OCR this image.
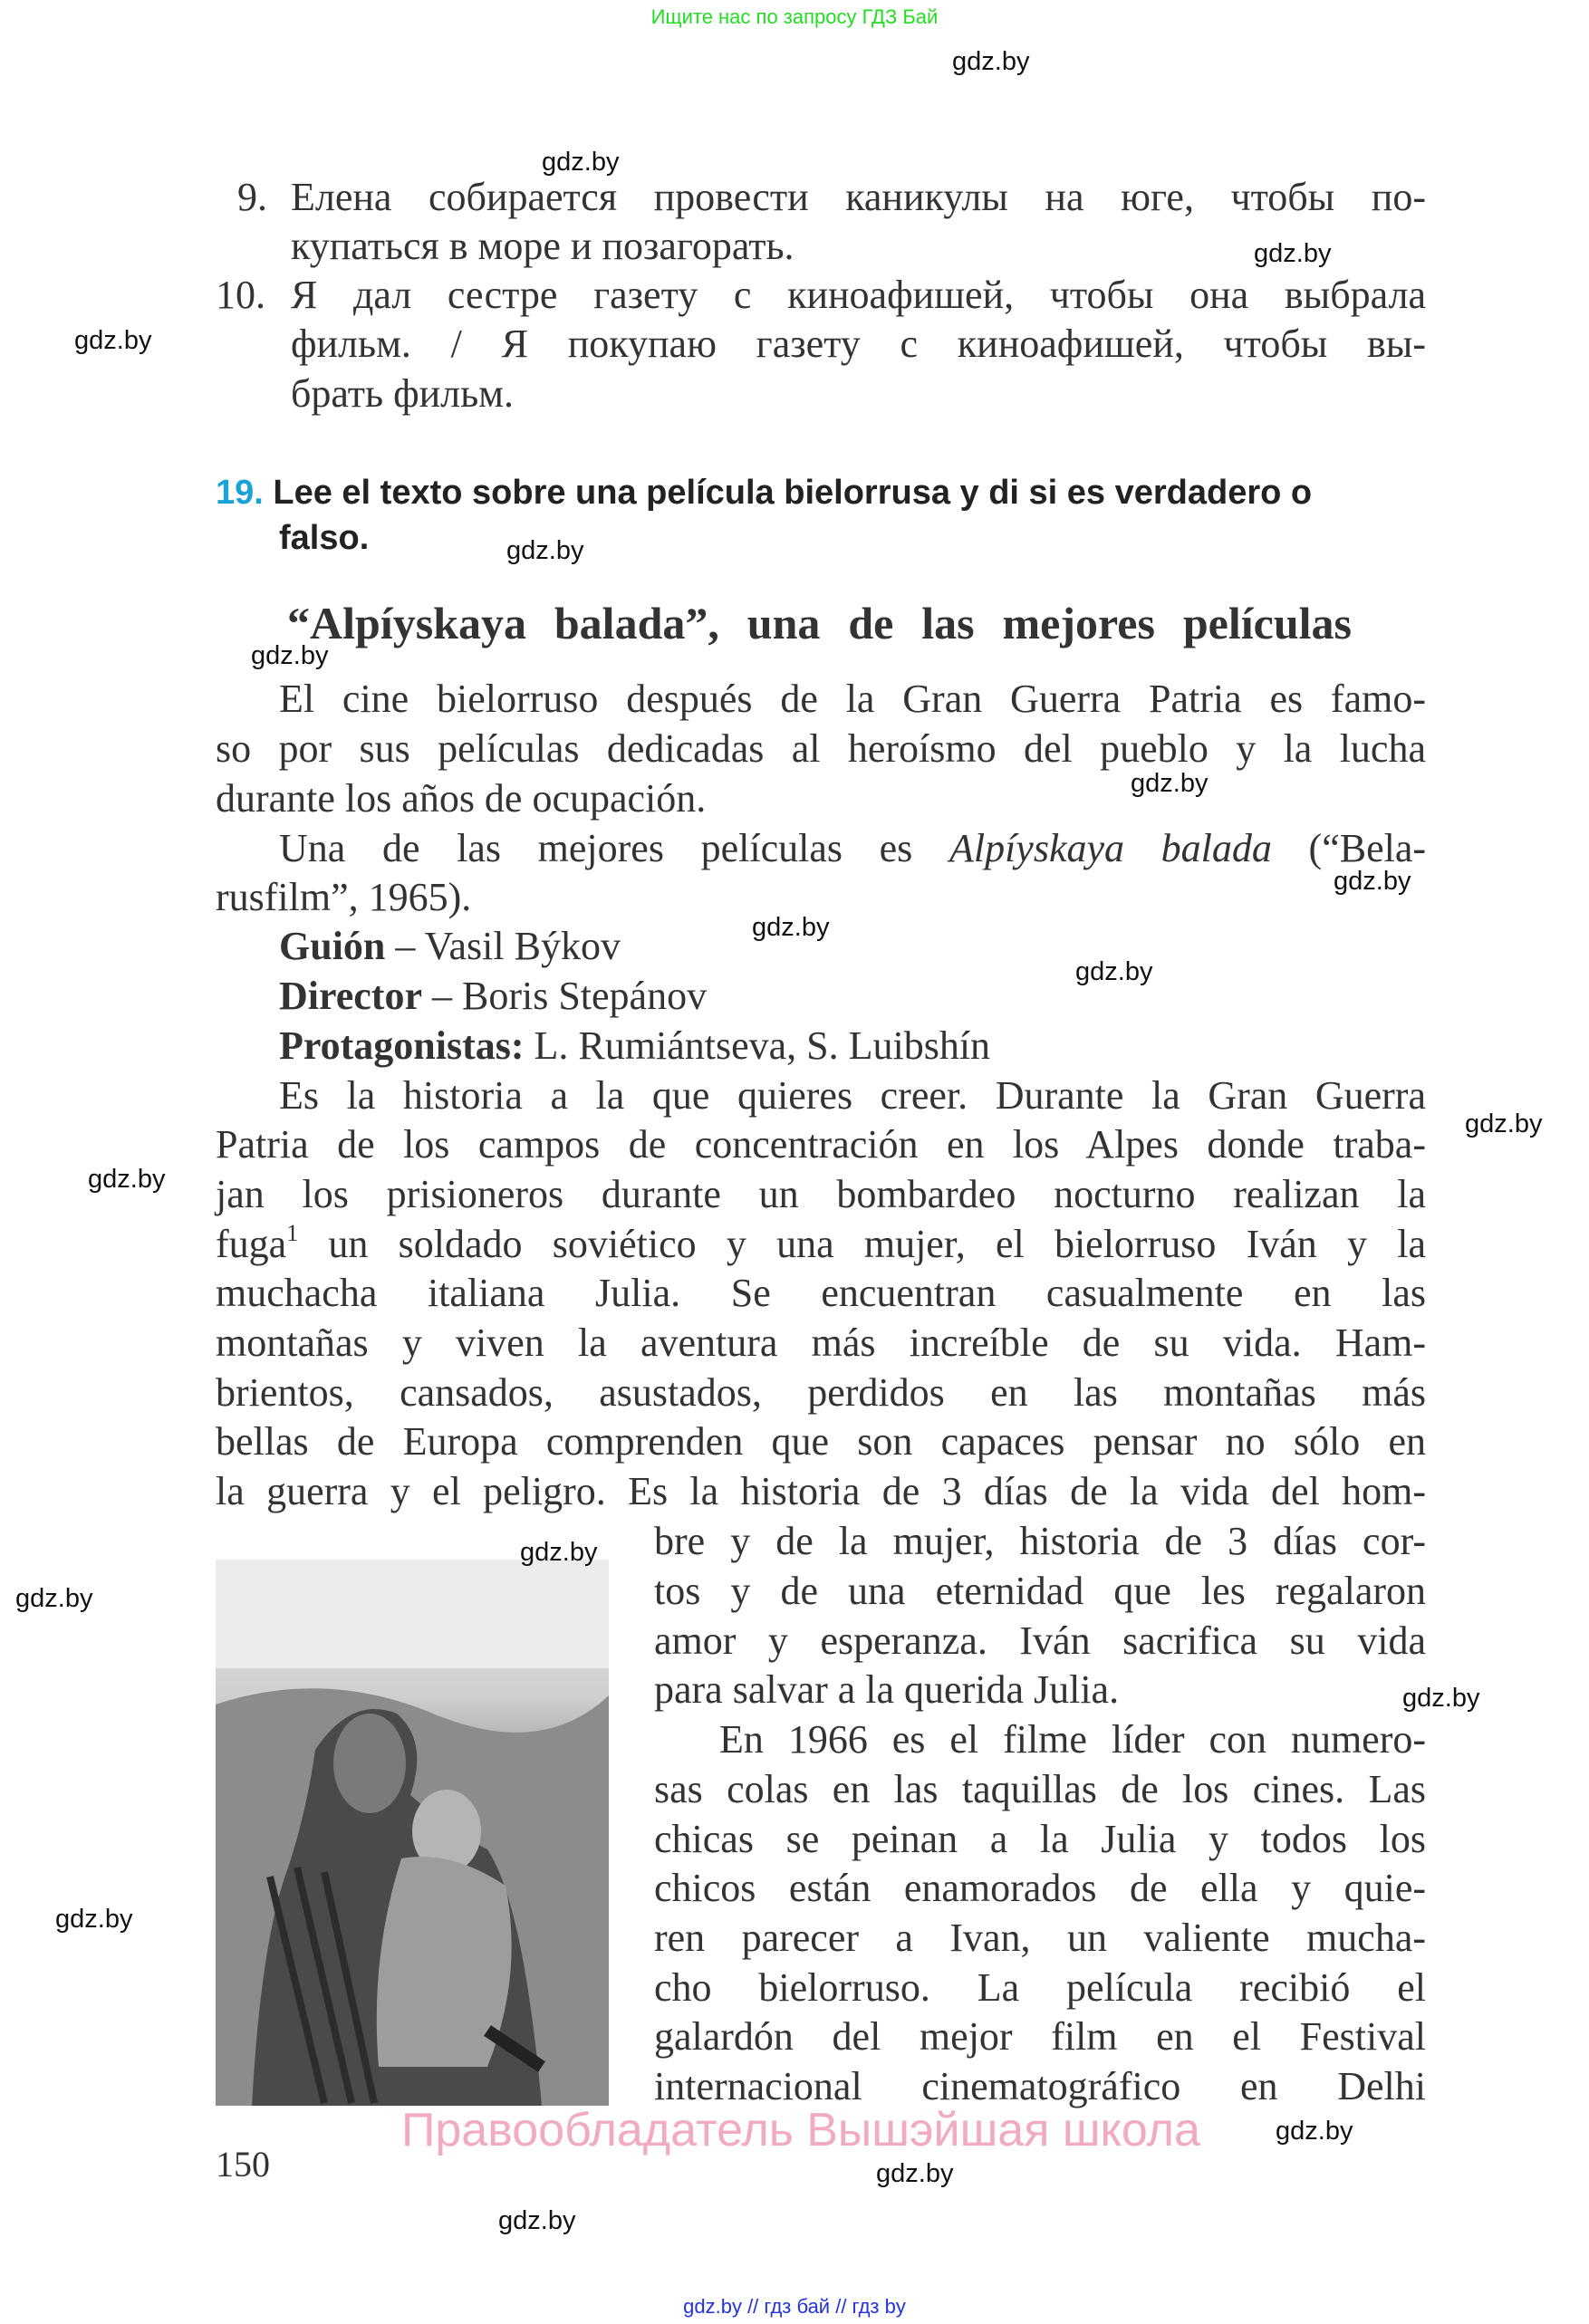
Ищите нас по запросу ГДЗ Бай
9. Елена собирается провести каникулы на юге, чтобы по-
купаться в море и позагорать.
10. Я дал сестре газету с киноафишей, чтобы она выбрала
фильм. / Я покупаю газету с киноафишей, чтобы вы-
брать фильм.
19. Lee el texto sobre una película bielorrusa y di si es verdadero o
falso.
“Alpíyskaya balada”, una de las mejores películas
El cine bielorruso después de la Gran Guerra Patria es famo-
so por sus películas dedicadas al heroísmo del pueblo y la lucha
durante los años de ocupación.
Una de las mejores películas es Alpíyskaya balada (“Bela-
rusfilm”, 1965).
Guión – Vasil Býkov
Director – Boris Stepánov
Protagonistas: L. Rumiántseva, S. Luibshín
Es la historia a la que quieres creer. Durante la Gran Guerra
Patria de los campos de concentración en los Alpes donde traba-
jan los prisioneros durante un bombardeo nocturno realizan la
fuga$^1$ un soldado soviético y una mujer, el bielorruso Iván y la
muchacha italiana Julia. Se encuentran casualmente en las
montañas y viven la aventura más increíble de su vida. Ham-
brientos, cansados, asustados, perdidos en las montañas más
bellas de Europa comprenden que son capaces pensar no sólo en
la guerra y el peligro. Es la historia de 3 días de la vida del hom-
bre y de la mujer, historia de 3 días cor-
tos y de una eternidad que les regalaron
amor y esperanza. Iván sacrifica su vida
para salvar a la querida Julia.
En 1966 es el filme líder con numero-
sas colas en las taquillas de los cines. Las
chicas se peinan a la Julia y todos los
chicos están enamorados de ella y quie-
ren parecer a Ivan, un valiente mucha-
cho bielorruso. La película recibió el
galardón del mejor film en el Festival
internacional cinematográfico en Delhi
Правообладатель Вышэйшая школа
150
gdz.by
gdz.by
gdz.by
gdz.by
gdz.by
gdz.by
gdz.by
gdz.by
gdz.by
gdz.by
gdz.by
gdz.by
gdz.by
gdz.by
gdz.by
gdz.by
gdz.by
gdz.by
gdz.by
gdz.by // гдз бай // гдз by
